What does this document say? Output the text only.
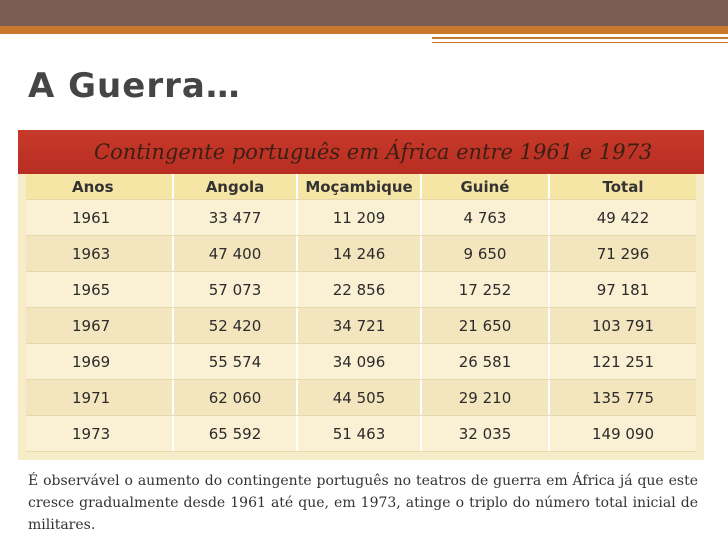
A Guerra…
Contingente português em África entre 1961 e 1973
Anos	Angola	Moçambique	Guiné	Total
1961	33 477	11 209	4 763	49 422
1963	47 400	14 246	9 650	71 296
1965	57 073	22 856	17 252	97 181
1967	52 420	34 721	21 650	103 791
1969	55 574	34 096	26 581	121 251
1971	62 060	44 505	29 210	135 775
1973	65 592	51 463	32 035	149 090

É observável o aumento do contingente português no teatros de guerra em África já que este cresce gradualmente desde 1961 até que, em 1973, atinge o triplo do número total inicial de militares.
